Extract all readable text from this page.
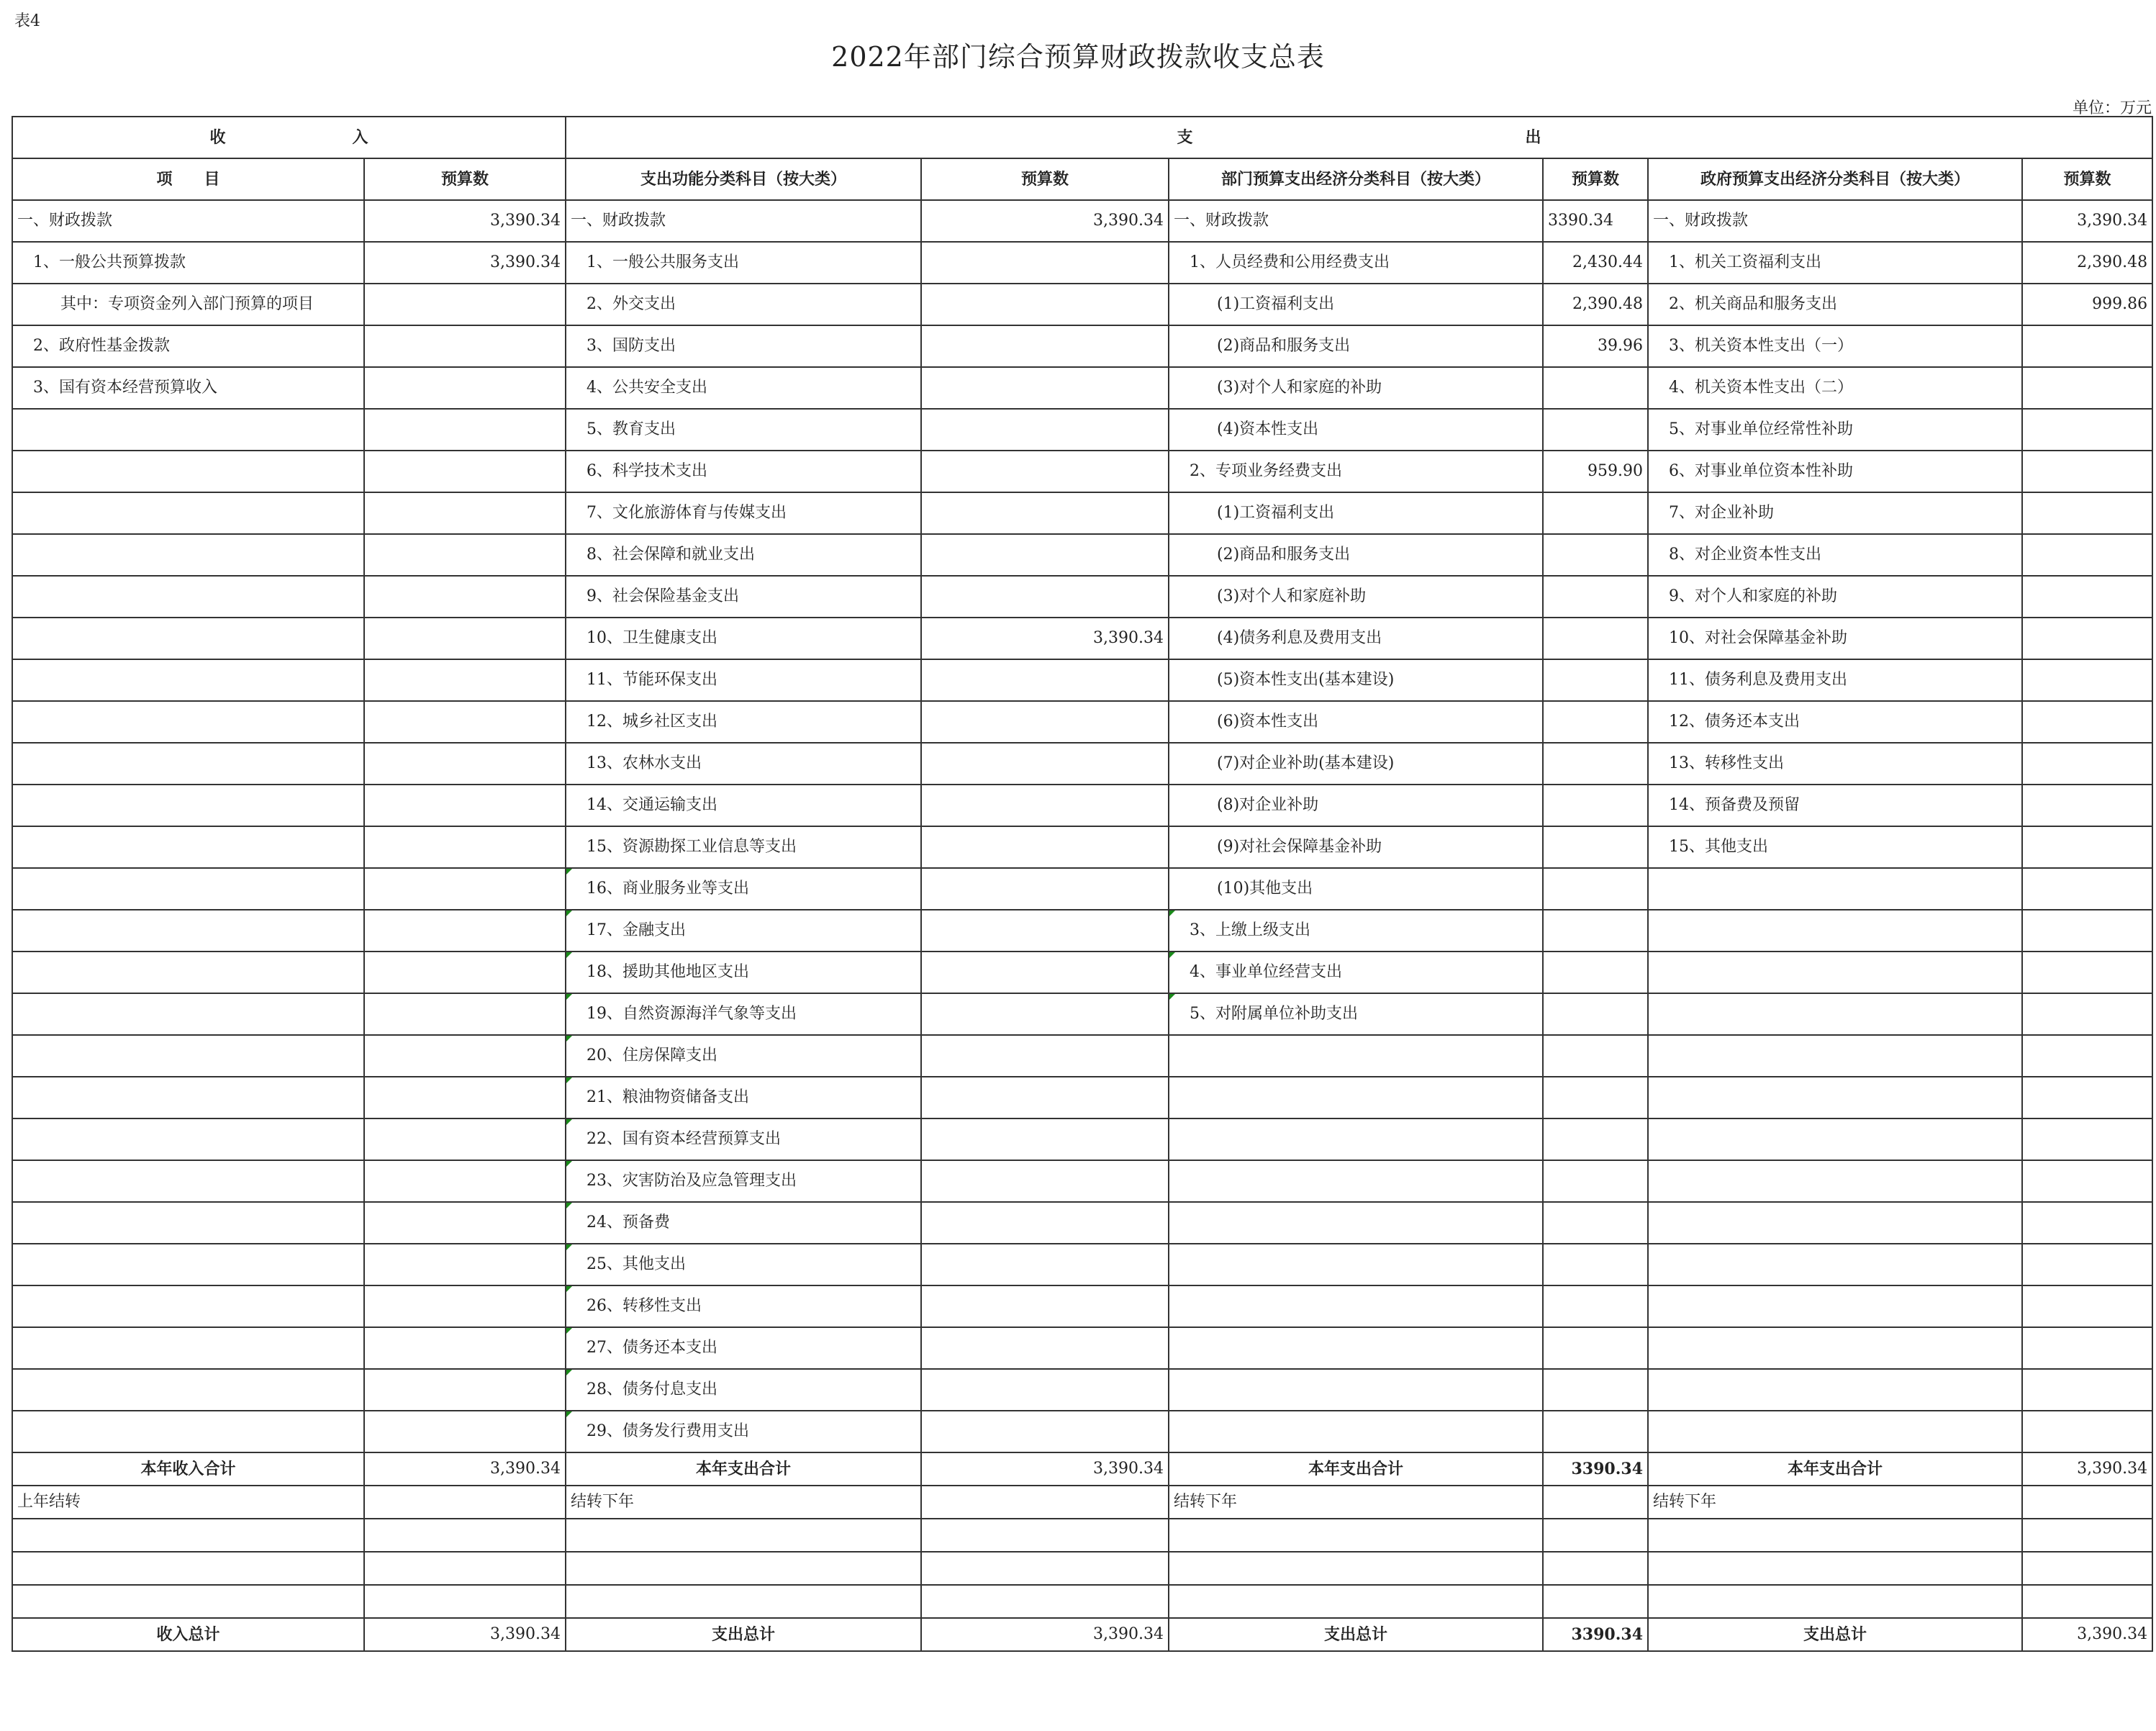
表4
2022年部门综合预算财政拨款收支总表
单位：万元
收　　　　　　　　入		支　　　　　　　　　　　　　　　　　　　　　出					
项　　目	预算数	支出功能分类科目（按大类）	预算数	部门预算支出经济分类科目（按大类）	预算数	政府预算支出经济分类科目（按大类）	预算数
一、财政拨款	3,390.34	一、财政拨款	3,390.34	一、财政拨款	3390.34	一、财政拨款	3,390.34
1、一般公共预算拨款	3,390.34	1、一般公共服务支出		1、人员经费和公用经费支出	2,430.44	1、机关工资福利支出	2,390.48
其中：专项资金列入部门预算的项目		2、外交支出		(1)工资福利支出	2,390.48	2、机关商品和服务支出	999.86
2、政府性基金拨款		3、国防支出		(2)商品和服务支出	39.96	3、机关资本性支出（一）	
3、国有资本经营预算收入		4、公共安全支出		(3)对个人和家庭的补助		4、机关资本性支出（二）	
		5、教育支出		(4)资本性支出		5、对事业单位经常性补助	
		6、科学技术支出		2、专项业务经费支出	959.90	6、对事业单位资本性补助	
		7、文化旅游体育与传媒支出		(1)工资福利支出		7、对企业补助	
		8、社会保障和就业支出		(2)商品和服务支出		8、对企业资本性支出	
		9、社会保险基金支出		(3)对个人和家庭补助		9、对个人和家庭的补助	
		10、卫生健康支出	3,390.34	(4)债务利息及费用支出		10、对社会保障基金补助	
		11、节能环保支出		(5)资本性支出(基本建设)		11、债务利息及费用支出	
		12、城乡社区支出		(6)资本性支出		12、债务还本支出	
		13、农林水支出		(7)对企业补助(基本建设)		13、转移性支出	
		14、交通运输支出		(8)对企业补助		14、预备费及预留	
		15、资源勘探工业信息等支出		(9)对社会保障基金补助		15、其他支出	
		16、商业服务业等支出		(10)其他支出			
		17、金融支出		3、上缴上级支出			
		18、援助其他地区支出		4、事业单位经营支出			
		19、自然资源海洋气象等支出		5、对附属单位补助支出			
		20、住房保障支出					
		21、粮油物资储备支出					
		22、国有资本经营预算支出					
		23、灾害防治及应急管理支出					
		24、预备费					
		25、其他支出					
		26、转移性支出					
		27、债务还本支出					
		28、债务付息支出					
		29、债务发行费用支出					
本年收入合计	3,390.34	本年支出合计	3,390.34	本年支出合计	3390.34	本年支出合计	3,390.34
上年结转		结转下年		结转下年		结转下年	

收入总计	3,390.34	支出总计	3,390.34	支出总计	3390.34	支出总计	3,390.34
